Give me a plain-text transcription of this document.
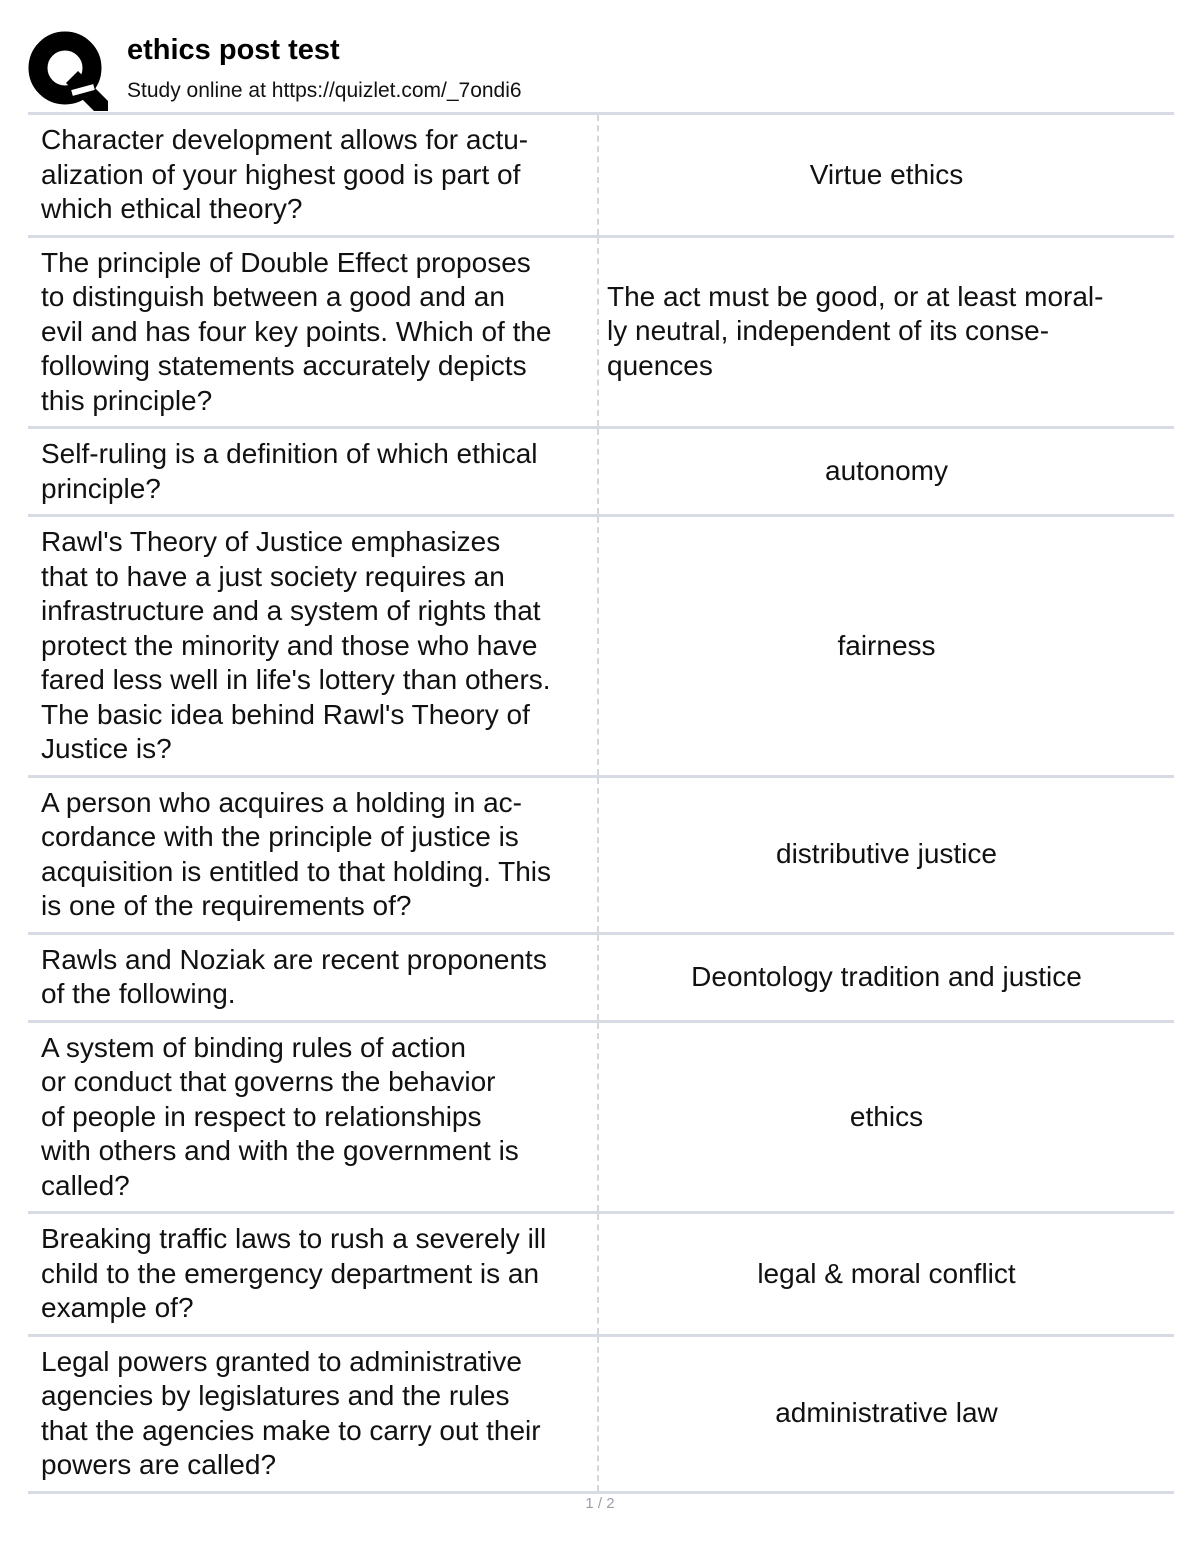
ethics post test
Study online at https://quizlet.com/_7ondi6
Character development allows for actu-
alization of your highest good is part of
which ethical theory?
Virtue ethics
The principle of Double Effect proposes
to distinguish between a good and an
evil and has four key points. Which of the
following statements accurately depicts
this principle?
The act must be good, or at least moral-
ly neutral, independent of its conse-
quences
Self-ruling is a definition of which ethical
principle?
autonomy
Rawl's Theory of Justice emphasizes
that to have a just society requires an
infrastructure and a system of rights that
protect the minority and those who have
fared less well in life's lottery than others.
The basic idea behind Rawl's Theory of
Justice is?
fairness
A person who acquires a holding in ac-
cordance with the principle of justice is
acquisition is entitled to that holding. This
is one of the requirements of?
distributive justice
Rawls and Noziak are recent proponents
of the following.
Deontology tradition and justice
A system of binding rules of action
or conduct that governs the behavior
of people in respect to relationships
with others and with the government is
called?
ethics
Breaking traffic laws to rush a severely ill
child to the emergency department is an
example of?
legal & moral conflict
Legal powers granted to administrative
agencies by legislatures and the rules
that the agencies make to carry out their
powers are called?
administrative law
1 / 2
